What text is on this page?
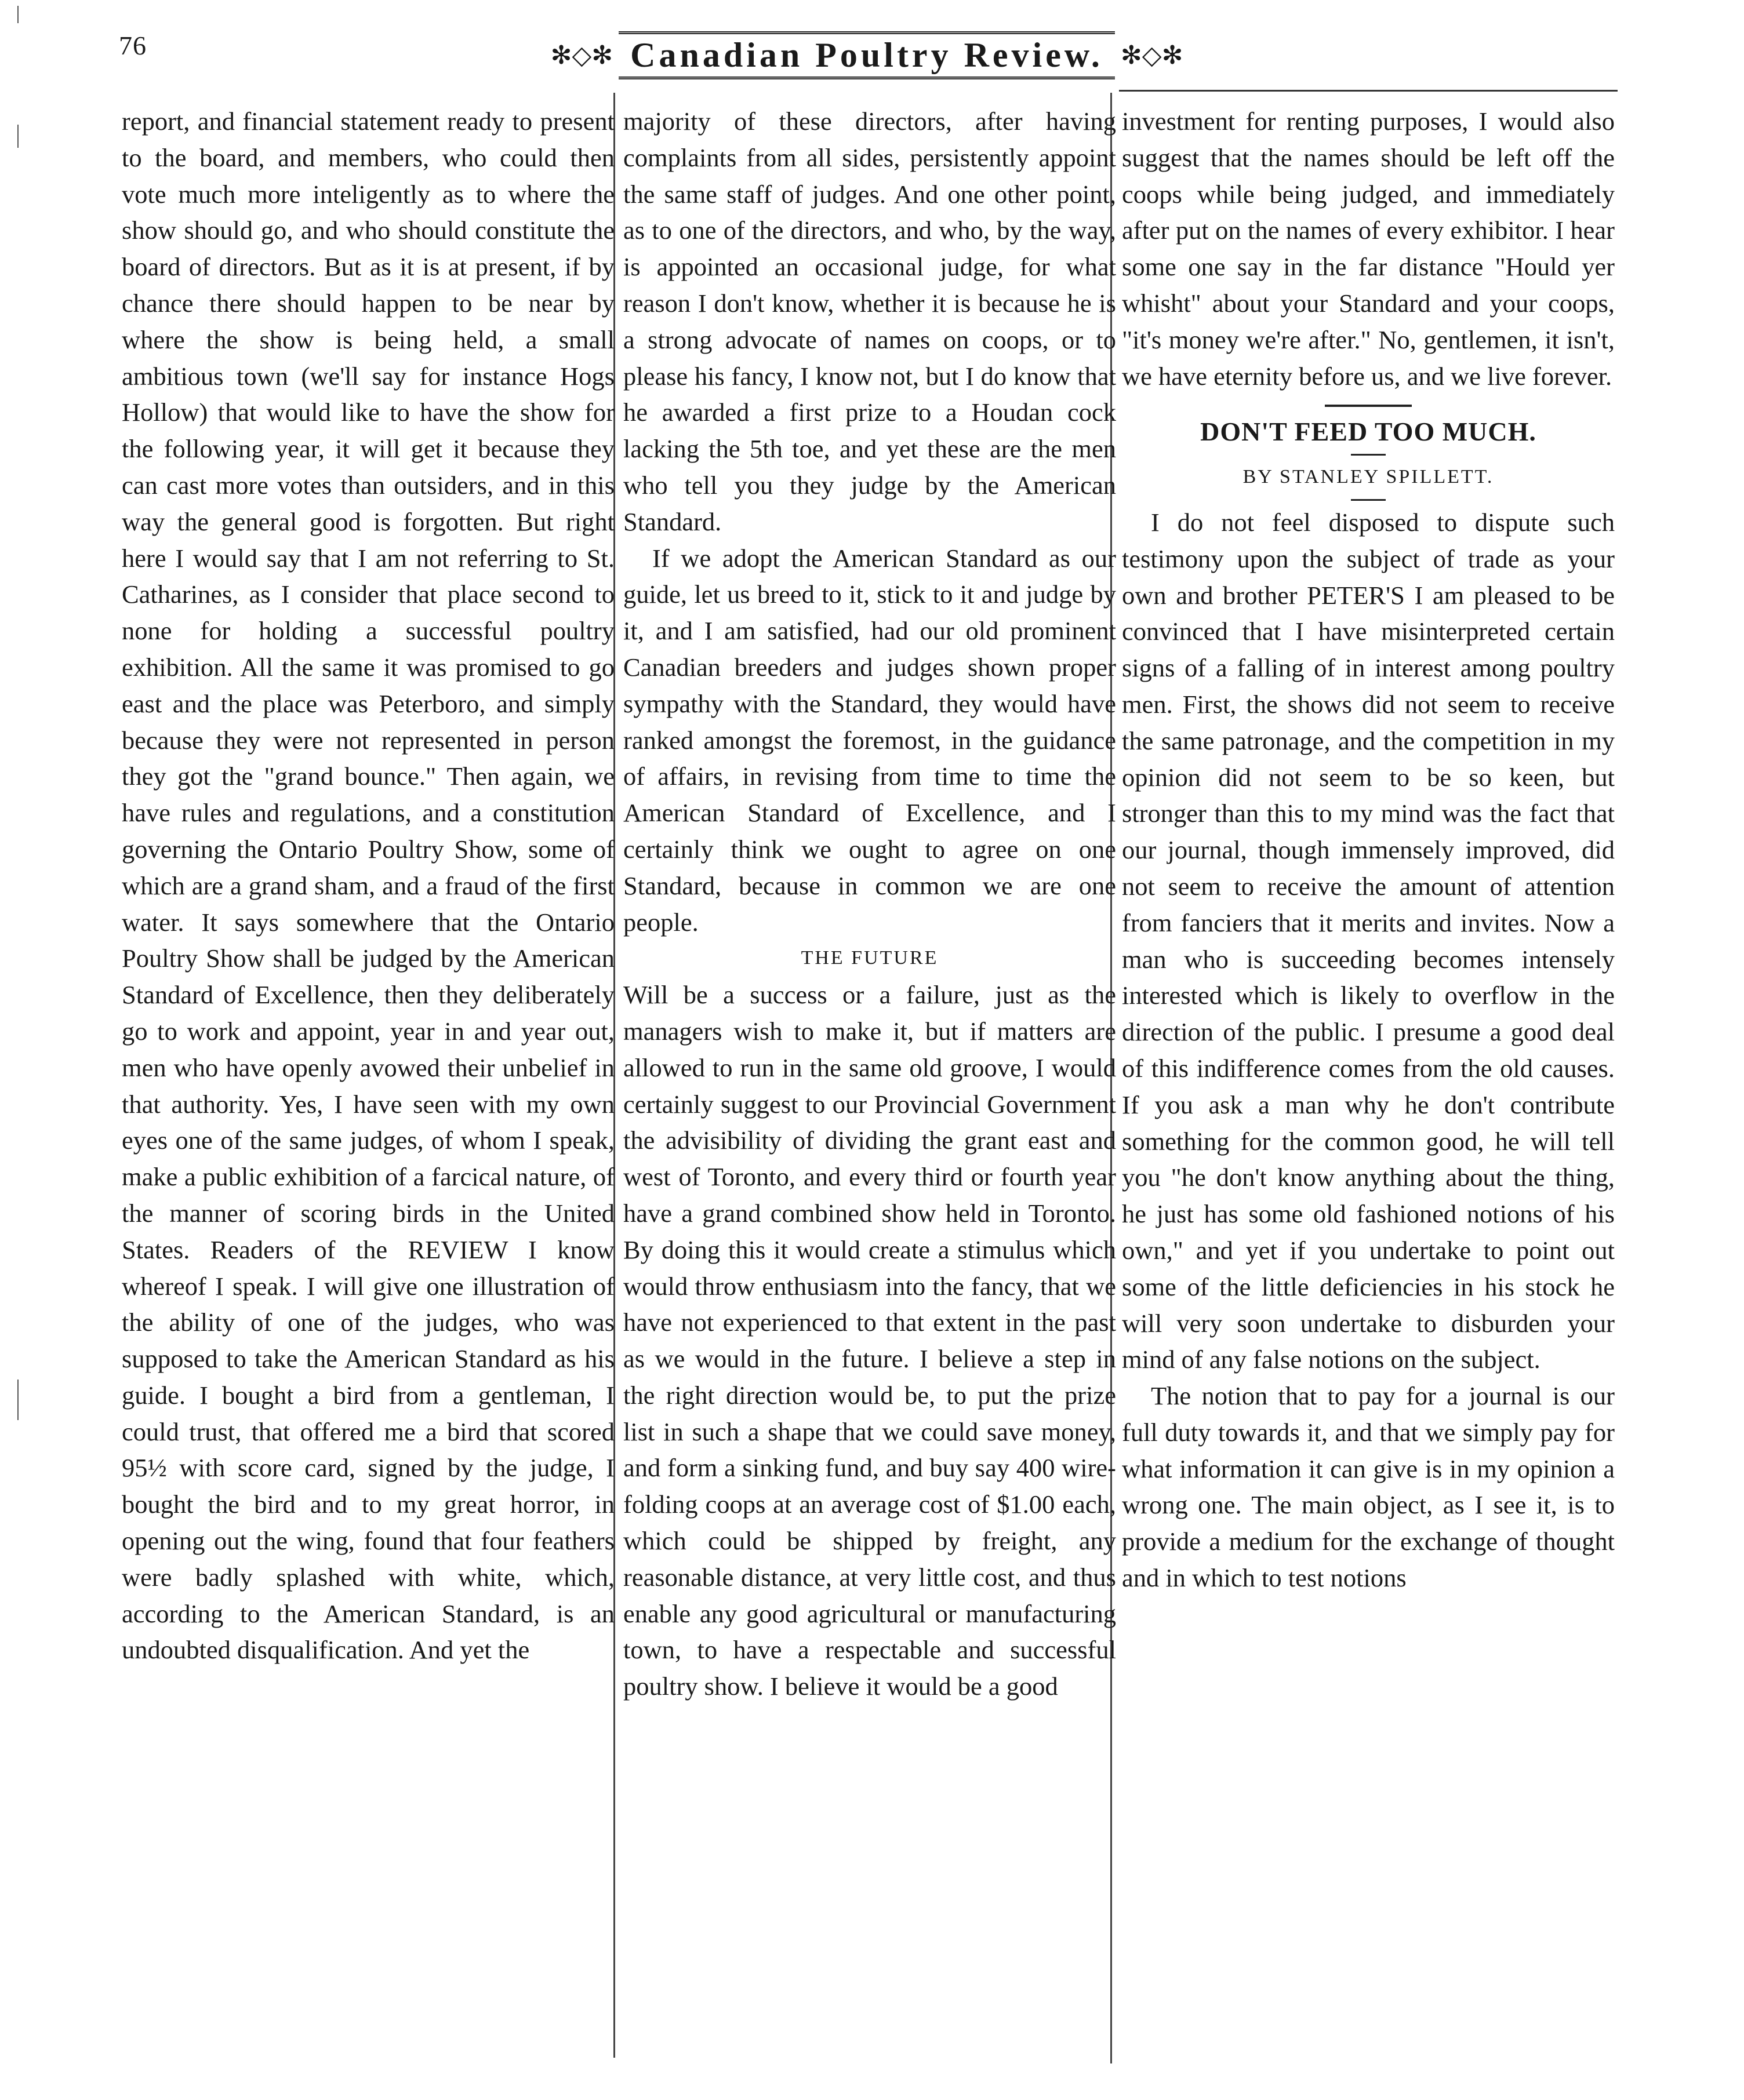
76	✻◇✻ Canadian Poultry Review. ✻◇✻

report, and financial statement ready to present to the board, and members, who could then vote much more inteligently as to where the show should go, and who should constitute the board of directors. But as it is at present, if by chance there should happen to be near by where the show is being held, a small ambitious town (we'll say for instance Hogs Hollow) that would like to have the show for the following year, it will get it because they can cast more votes than outsiders, and in this way the general good is forgotten. But right here I would say that I am not referring to St. Catharines, as I consider that place second to none for holding a successful poultry exhibition. All the same it was promised to go east and the place was Peterboro, and simply because they were not represented in person they got the "grand bounce." Then again, we have rules and regulations, and a constitution governing the Ontario Poultry Show, some of which are a grand sham, and a fraud of the first water. It says somewhere that the Ontario Poultry Show shall be judged by the American Standard of Excellence, then they deliberately go to work and appoint, year in and year out, men who have openly avowed their unbelief in that authority. Yes, I have seen with my own eyes one of the same judges, of whom I speak, make a public exhibition of a farcical nature, of the manner of scoring birds in the United States. Readers of the REVIEW I know whereof I speak. I will give one illustration of the ability of one of the judges, who was supposed to take the American Standard as his guide. I bought a bird from a gentleman, I could trust, that offered me a bird that scored 95½ with score card, signed by the judge, I bought the bird and to my great horror, in opening out the wing, found that four feathers were badly splashed with white, which, according to the American Standard, is an undoubted disqualification. And yet the

majority of these directors, after having complaints from all sides, persistently appoint the same staff of judges. And one other point, as to one of the directors, and who, by the way, is appointed an occasional judge, for what reason I don't know, whether it is because he is a strong advocate of names on coops, or to please his fancy, I know not, but I do know that he awarded a first prize to a Houdan cock lacking the 5th toe, and yet these are the men who tell you they judge by the American Standard.

If we adopt the American Standard as our guide, let us breed to it, stick to it and judge by it, and I am satisfied, had our old prominent Canadian breeders and judges shown proper sympathy with the Standard, they would have ranked amongst the foremost, in the guidance of affairs, in revising from time to time the American Standard of Excellence, and I certainly think we ought to agree on one Standard, because in common we are one people.

THE FUTURE

Will be a success or a failure, just as the managers wish to make it, but if matters are allowed to run in the same old groove, I would certainly suggest to our Provincial Government the advisibility of dividing the grant east and west of Toronto, and every third or fourth year have a grand combined show held in Toronto. By doing this it would create a stimulus which would throw enthusiasm into the fancy, that we have not experienced to that extent in the past as we would in the future. I believe a step in the right direction would be, to put the prize list in such a shape that we could save money, and form a sinking fund, and buy say 400 wire-folding coops at an average cost of $1.00 each, which could be shipped by freight, any reasonable distance, at very little cost, and thus enable any good agricultural or manufacturing town, to have a respectable and successful poultry show. I believe it would be a good

investment for renting purposes, I would also suggest that the names should be left off the coops while being judged, and immediately after put on the names of every exhibitor. I hear some one say in the far distance "Hould yer whisht" about your Standard and your coops, "it's money we're after." No, gentlemen, it isn't, we have eternity before us, and we live forever.

DON'T FEED TOO MUCH.

BY STANLEY SPILLETT.

I do not feel disposed to dispute such testimony upon the subject of trade as your own and brother PETER'S I am pleased to be convinced that I have misinterpreted certain signs of a falling of in interest among poultry men. First, the shows did not seem to receive the same patronage, and the competition in my opinion did not seem to be so keen, but stronger than this to my mind was the fact that our journal, though immensely improved, did not seem to receive the amount of attention from fanciers that it merits and invites. Now a man who is succeeding becomes intensely interested which is likely to overflow in the direction of the public. I presume a good deal of this indifference comes from the old causes. If you ask a man why he don't contribute something for the common good, he will tell you "he don't know anything about the thing, he just has some old fashioned notions of his own," and yet if you undertake to point out some of the little deficiencies in his stock he will very soon undertake to disburden your mind of any false notions on the subject.

The notion that to pay for a journal is our full duty towards it, and that we simply pay for what information it can give is in my opinion a wrong one. The main object, as I see it, is to provide a medium for the exchange of thought and in which to test notions
